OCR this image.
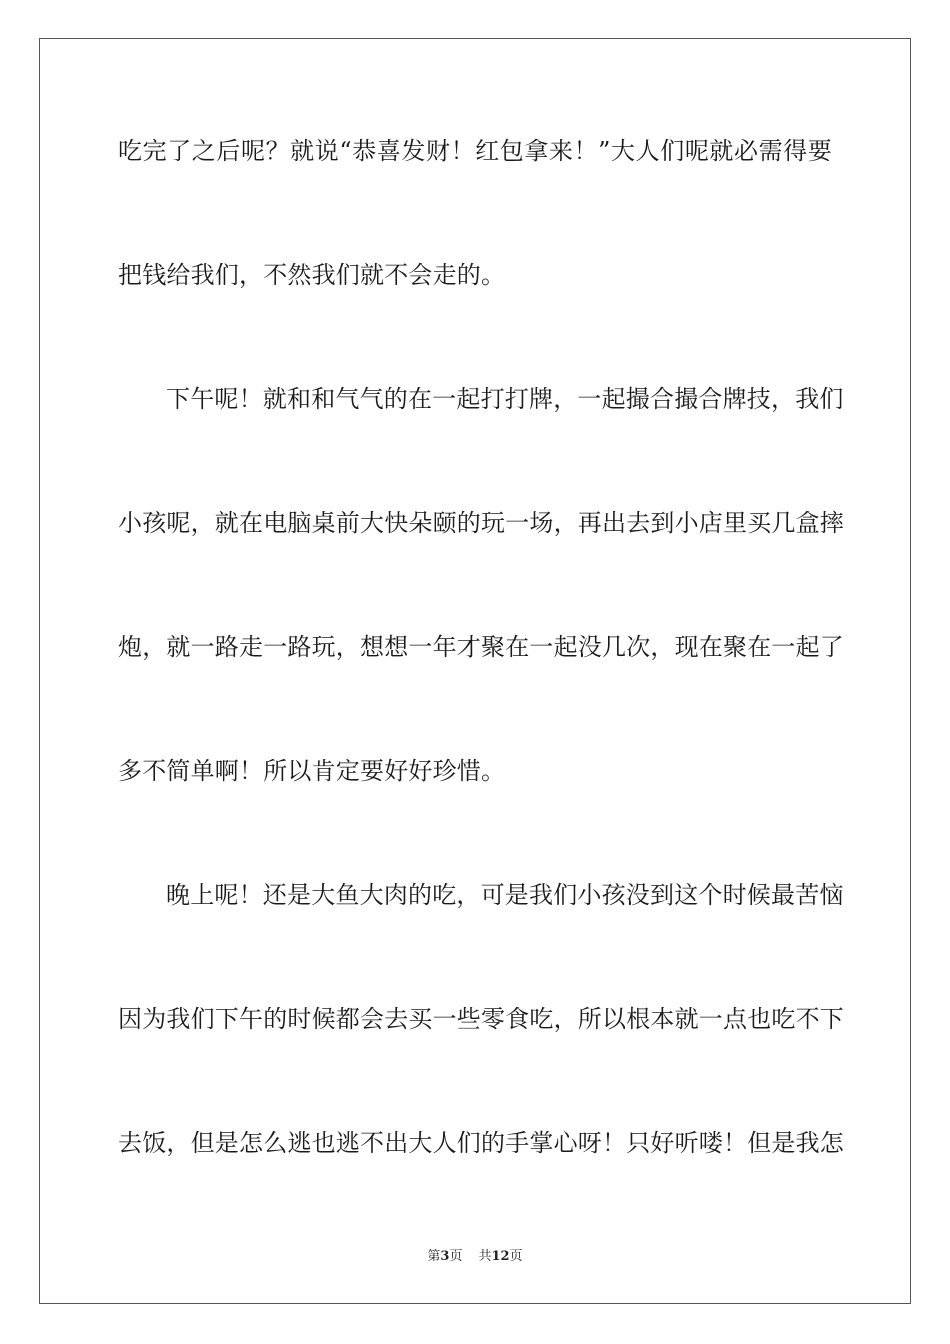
吃完了之后呢？就说“恭喜发财！红包拿来！”大人们呢就必需得要
把钱给我们，不然我们就不会走的。
下午呢！就和和气气的在一起打打牌，一起撮合撮合牌技，我们
小孩呢，就在电脑桌前大快朵颐的玩一场，再出去到小店里买几盒摔
炮，就一路走一路玩，想想一年才聚在一起没几次，现在聚在一起了
多不简单啊！所以肯定要好好珍惜。
晚上呢！还是大鱼大肉的吃，可是我们小孩没到这个时候最苦恼
因为我们下午的时候都会去买一些零食吃，所以根本就一点也吃不下
去饭，但是怎么逃也逃不出大人们的手掌心呀！只好听喽！但是我怎
第3页 共12页
